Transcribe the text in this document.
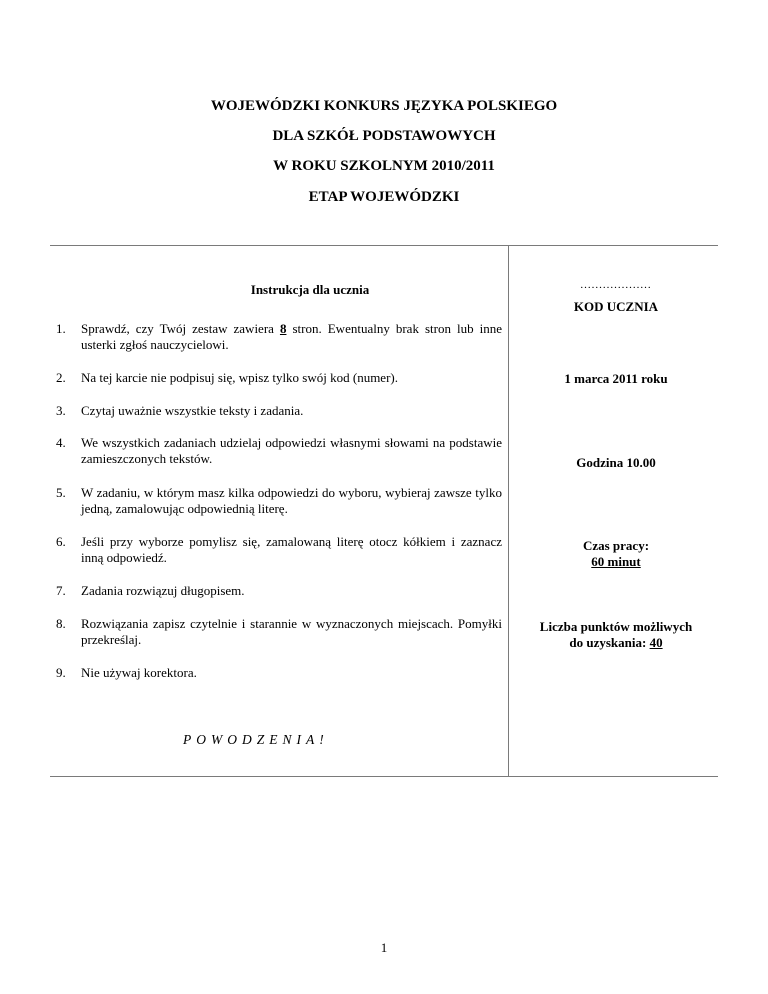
WOJEWÓDZKI KONKURS JĘZYKA POLSKIEGO
DLA SZKÓŁ PODSTAWOWYCH
W ROKU SZKOLNYM 2010/2011
ETAP WOJEWÓDZKI
Instrukcja dla ucznia
1. Sprawdź, czy Twój zestaw zawiera 8 stron. Ewentualny brak stron lub inne usterki zgłoś nauczycielowi.
2. Na tej karcie nie podpisuj się, wpisz tylko swój kod (numer).
3. Czytaj uważnie wszystkie teksty i zadania.
4. We wszystkich zadaniach udzielaj odpowiedzi własnymi słowami na podstawie zamieszczonych tekstów.
5. W zadaniu, w którym masz kilka odpowiedzi do wyboru, wybieraj zawsze tylko jedną, zamalowując odpowiednią literę.
6. Jeśli przy wyborze pomylisz się, zamalowaną literę otocz kółkiem i zaznacz inną odpowiedź.
7. Zadania rozwiązuj długopisem.
8. Rozwiązania zapisz czytelnie i starannie w wyznaczonych miejscach. Pomyłki przekreślaj.
9. Nie używaj korektora.
POWODZENIA!
...................
KOD UCZNIA
1 marca 2011 roku
Godzina 10.00
Czas pracy:
60 minut
Liczba punktów możliwych
do uzyskania: 40
1
